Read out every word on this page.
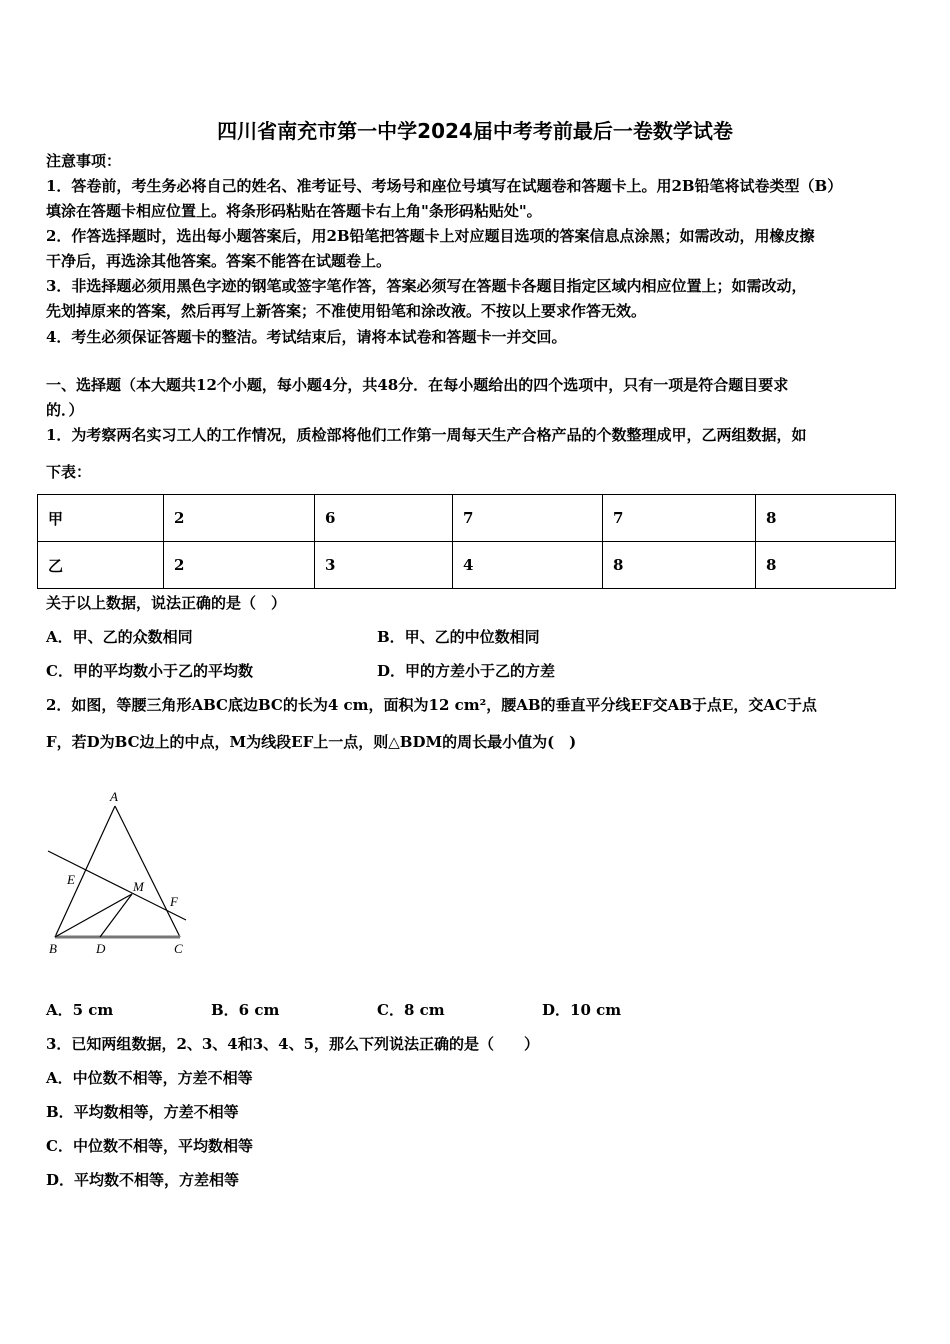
四川省南充市第一中学2024届中考考前最后一卷数学试卷
注意事项：
1．答卷前，考生务必将自己的姓名、准考证号、考场号和座位号填写在试题卷和答题卡上。用2B铅笔将试卷类型（B）
填涂在答题卡相应位置上。将条形码粘贴在答题卡右上角"条形码粘贴处"。
2．作答选择题时，选出每小题答案后，用2B铅笔把答题卡上对应题目选项的答案信息点涂黑；如需改动，用橡皮擦
干净后，再选涂其他答案。答案不能答在试题卷上。
3．非选择题必须用黑色字迹的钢笔或签字笔作答，答案必须写在答题卡各题目指定区域内相应位置上；如需改动，
先划掉原来的答案，然后再写上新答案；不准使用铅笔和涂改液。不按以上要求作答无效。
4．考生必须保证答题卡的整洁。考试结束后，请将本试卷和答题卡一并交回。
一、选择题（本大题共12个小题，每小题4分，共48分．在每小题给出的四个选项中，只有一项是符合题目要求
的．）
1．为考察两名实习工人的工作情况，质检部将他们工作第一周每天生产合格产品的个数整理成甲，乙两组数据，如
下表：
甲	2	6	7	7	8
乙	2	3	4	8	8
关于以上数据，说法正确的是（　）
A．甲、乙的众数相同	B．甲、乙的中位数相同
C．甲的平均数小于乙的平均数	D．甲的方差小于乙的方差
2．如图，等腰三角形ABC底边BC的长为4 cm，面积为12 cm²，腰AB的垂直平分线EF交AB于点E，交AC于点
F，若D为BC边上的中点，M为线段EF上一点，则△BDM的周长最小值为(　)
A
B	C
D
E
F
M
A．5 cm	B．6 cm	C．8 cm	D．10 cm
3．已知两组数据，2、3、4和3、4、5，那么下列说法正确的是（　　）
A．中位数不相等，方差不相等
B．平均数相等，方差不相等
C．中位数不相等，平均数相等
D．平均数不相等，方差相等
